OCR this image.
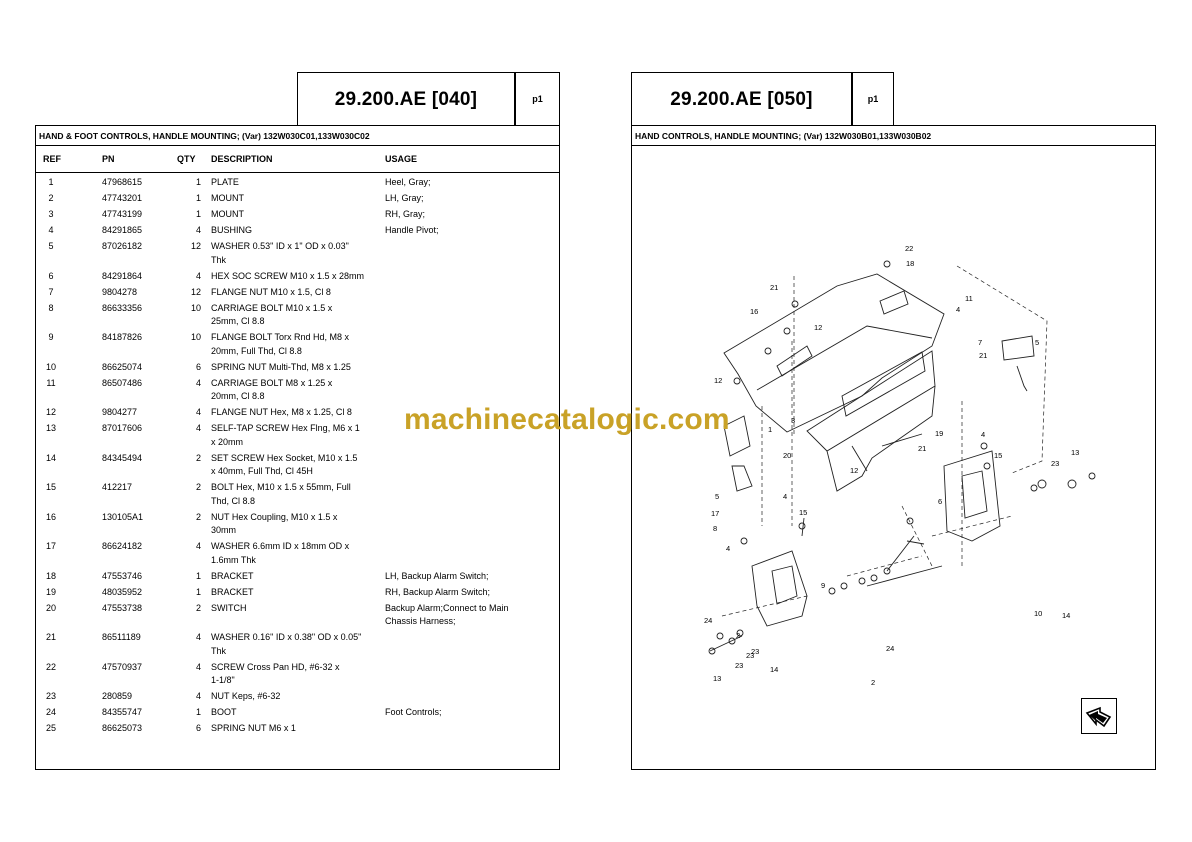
29.200.AE [040]	p1
HAND & FOOT CONTROLS, HANDLE MOUNTING; (Var) 132W030C01,133W030C02
REF	PN	QTY DESCRIPTION	USAGE
1	47968615	1 PLATE	Heel, Gray;
2	47743201	1 MOUNT	LH, Gray;
3	47743199	1 MOUNT	RH, Gray;
4	84291865	4 BUSHING	Handle Pivot;
5	87026182	12 WASHER 0.53" ID x 1" OD x 0.03"
Thk
6	84291864	4 HEX SOC SCREW M10 x 1.5 x 28mm
7	9804278	12 FLANGE NUT M10 x 1.5, Cl 8
8	86633356	10 CARRIAGE BOLT M10 x 1.5 x
25mm, Cl 8.8
9	84187826	10 FLANGE BOLT Torx Rnd Hd, M8 x
20mm, Full Thd, Cl 8.8
10	86625074	6 SPRING NUT Multi-Thd, M8 x 1.25
11	86507486	4 CARRIAGE BOLT M8 x 1.25 x
20mm, Cl 8.8
12	9804277	4 FLANGE NUT Hex, M8 x 1.25, Cl 8
13	87017606	4 SELF-TAP SCREW Hex Flng, M6 x 1
x 20mm
14	84345494	2 SET SCREW Hex Socket, M10 x 1.5
x 40mm, Full Thd, Cl 45H
15	412217	2 BOLT Hex, M10 x 1.5 x 55mm, Full
Thd, Cl 8.8
16	130105A1	2 NUT Hex Coupling, M10 x 1.5 x
30mm
17	86624182	4 WASHER 6.6mm ID x 18mm OD x
1.6mm Thk
18	47553746	1 BRACKET	LH, Backup Alarm Switch;
19	48035952	1 BRACKET	RH, Backup Alarm Switch;
20	47553738	2 SWITCH	Backup Alarm;Connect to Main
Chassis Harness;
21	86511189	4 WASHER 0.16" ID x 0.38" OD x 0.05"
Thk
22	47570937	4 SCREW Cross Pan HD, #6-32 x
1-1/8"
23	280859	4 NUT Keps, #6-32
24	84355747	1 BOOT	Foot Controls;
25	86625073	6 SPRING NUT M6 x 1
29.200.AE [050]	p1
HAND CONTROLS, HANDLE MOUNTING; (Var) 132W030B01,133W030B02
22
18
21
11
16
12
4
7	5
21
12
3
1	19
21
20
12
4
15
23
13
5
17
8
6
4
15
4
9
24
2
10	14
23
24
2
14
23
23
13
machinecatalogic.com
